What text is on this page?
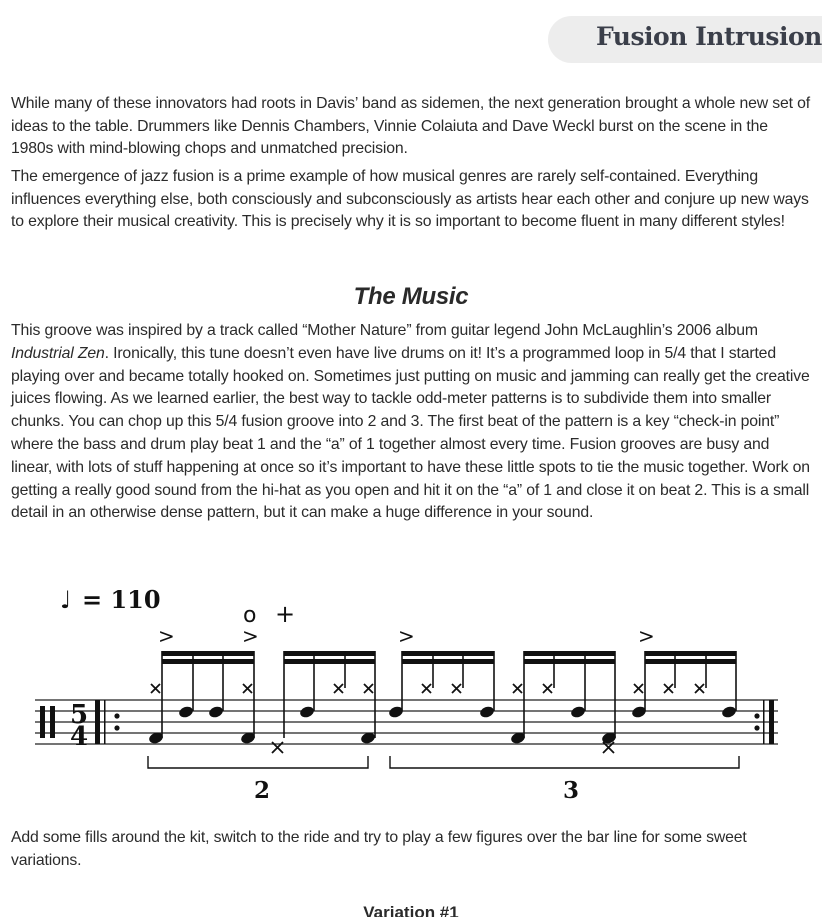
Fusion Intrusion

While many of these innovators had roots in Davis’ band as sidemen, the next generation brought a whole new set of ideas to the table. Drummers like Dennis Chambers, Vinnie Colaiuta and Dave Weckl burst on the scene in the 1980s with mind-blowing chops and unmatched precision.

The emergence of jazz fusion is a prime example of how musical genres are rarely self-contained. Everything influences everything else, both consciously and subconsciously as artists hear each other and conjure up new ways to explore their musical creativity. This is precisely why it is so important to become fluent in many different styles!

The Music

This groove was inspired by a track called “Mother Nature” from guitar legend John McLaughlin’s 2006 album Industrial Zen. Ironically, this tune doesn’t even have live drums on it! It’s a programmed loop in 5/4 that I started playing over and became totally hooked on. Sometimes just putting on music and jamming can really get the creative juices flowing. As we learned earlier, the best way to tackle odd-meter patterns is to subdivide them into smaller chunks. You can chop up this 5/4 fusion groove into 2 and 3. The first beat of the pattern is a key “check-in point” where the bass and drum play beat 1 and the “a” of 1 together almost every time. Fusion grooves are busy and linear, with lots of stuff happening at once so it’s important to have these little spots to tie the music together. Work on getting a really good sound from the hi-hat as you open and hit it on the “a” of 1 and close it on beat 2. This is a small detail in an otherwise dense pattern, but it can make a huge difference in your sound.

♩ = 110
o +
5
4
>	>	>	>
2	3

Add some fills around the kit, switch to the ride and try to play a few figures over the bar line for some sweet variations.

Variation #1
